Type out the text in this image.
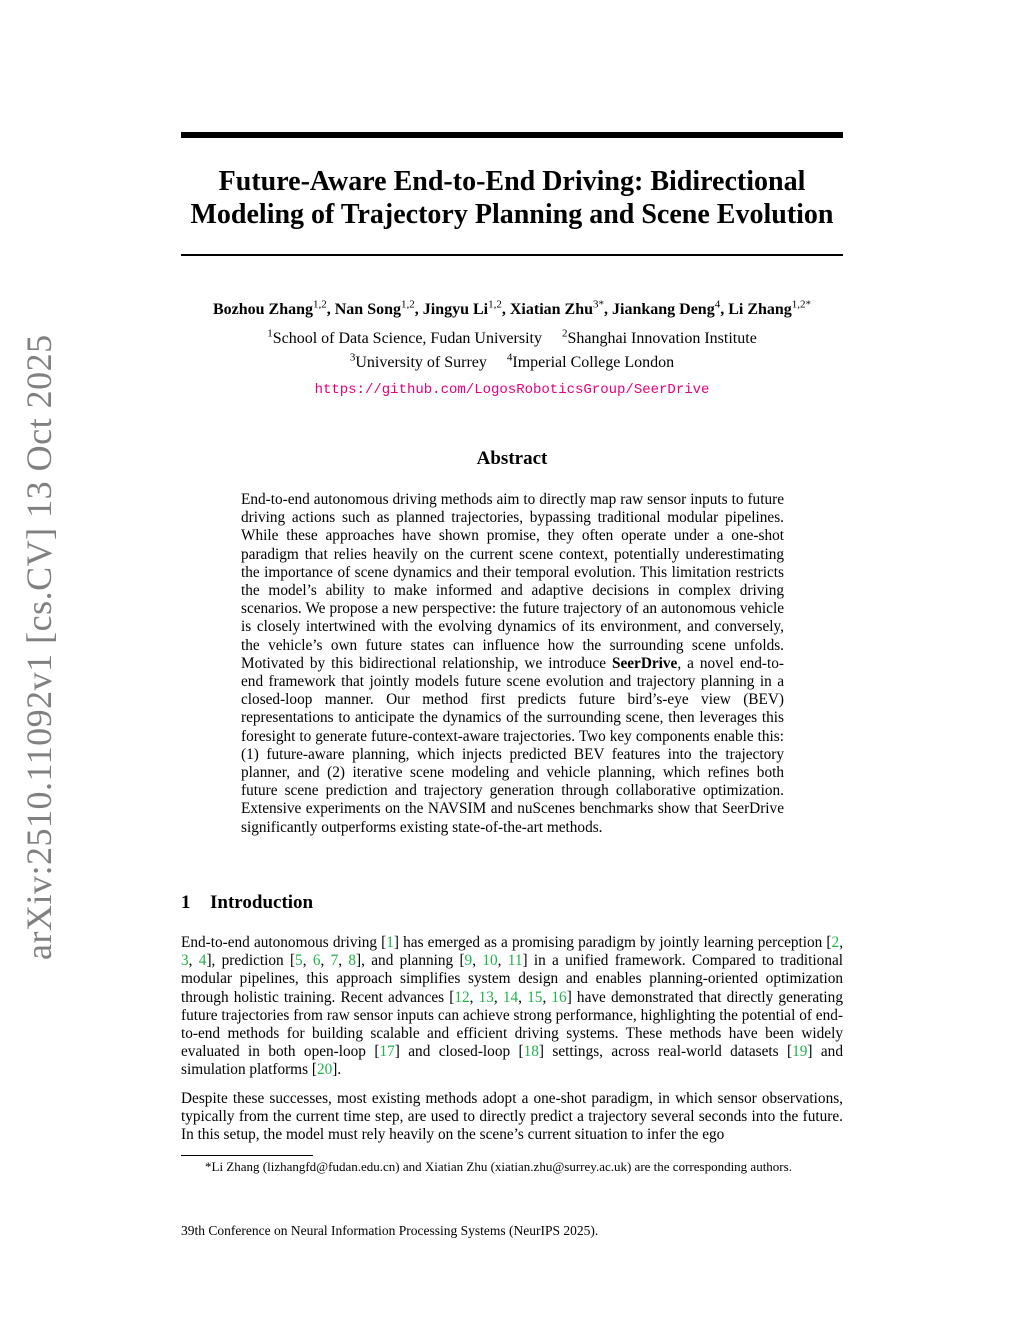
arXiv:2510.11092v1 [cs.CV] 13 Oct 2025
Future-Aware End-to-End Driving: Bidirectional
Modeling of Trajectory Planning and Scene Evolution
Bozhou Zhang$^{1,2}$, Nan Song$^{1,2}$, Jingyu Li$^{1,2}$, Xiatian Zhu$^{3*}$, Jiankang Deng$^4$, Li Zhang$^{1,2*}$
$^1$School of Data Science, Fudan University $^2$Shanghai Innovation Institute
$^3$University of Surrey $^4$Imperial College London
https://github.com/LogosRoboticsGroup/SeerDrive
Abstract
End-to-end autonomous driving methods aim to directly map raw sensor inputs to future driving actions such as planned trajectories, bypassing traditional modular pipelines. While these approaches have shown promise, they often operate under a one-shot paradigm that relies heavily on the current scene context, potentially underestimating the importance of scene dynamics and their temporal evolution. This limitation restricts the model’s ability to make informed and adaptive decisions in complex driving scenarios. We propose a new perspective: the future trajectory of an autonomous vehicle is closely intertwined with the evolving dynamics of its environment, and conversely, the vehicle’s own future states can influence how the surrounding scene unfolds. Motivated by this bidirectional relationship, we introduce SeerDrive, a novel end-to-end framework that jointly models future scene evolution and trajectory planning in a closed-loop manner. Our method first predicts future bird’s-eye view (BEV) representations to anticipate the dynamics of the surrounding scene, then leverages this foresight to generate future-context-aware trajectories. Two key components enable this: (1) future-aware planning, which injects predicted BEV features into the trajectory planner, and (2) iterative scene modeling and vehicle planning, which refines both future scene prediction and trajectory generation through collaborative optimization. Extensive experiments on the NAVSIM and nuScenes benchmarks show that SeerDrive significantly outperforms existing state-of-the-art methods.
1 Introduction
End-to-end autonomous driving [1] has emerged as a promising paradigm by jointly learning perception [2, 3, 4], prediction [5, 6, 7, 8], and planning [9, 10, 11] in a unified framework. Compared to traditional modular pipelines, this approach simplifies system design and enables planning-oriented optimization through holistic training. Recent advances [12, 13, 14, 15, 16] have demonstrated that directly generating future trajectories from raw sensor inputs can achieve strong performance, highlighting the potential of end-to-end methods for building scalable and efficient driving systems. These methods have been widely evaluated in both open-loop [17] and closed-loop [18] settings, across real-world datasets [19] and simulation platforms [20].
Despite these successes, most existing methods adopt a one-shot paradigm, in which sensor observations, typically from the current time step, are used to directly predict a trajectory several seconds into the future. In this setup, the model must rely heavily on the scene’s current situation to infer the ego
*Li Zhang (lizhangfd@fudan.edu.cn) and Xiatian Zhu (xiatian.zhu@surrey.ac.uk) are the corresponding authors.
39th Conference on Neural Information Processing Systems (NeurIPS 2025).
